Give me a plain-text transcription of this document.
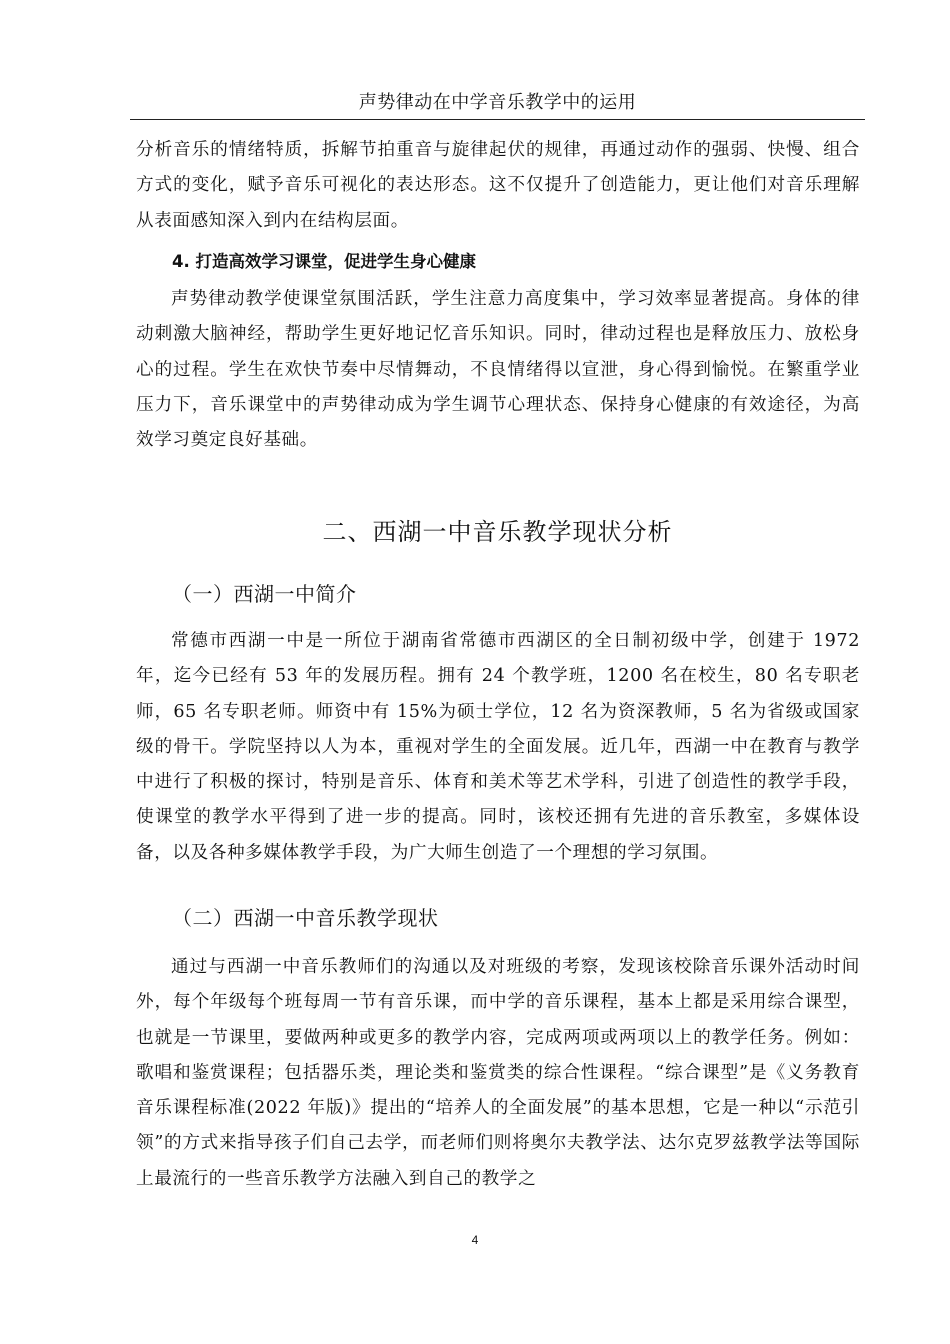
声势律动在中学音乐教学中的运用

分析音乐的情绪特质，拆解节拍重音与旋律起伏的规律，再通过动作的强弱、快慢、组合方式的变化，赋予音乐可视化的表达形态。这不仅提升了创造能力，更让他们对音乐理解从表面感知深入到内在结构层面。

4. 打造高效学习课堂，促进学生身心健康

声势律动教学使课堂氛围活跃，学生注意力高度集中，学习效率显著提高。身体的律动刺激大脑神经，帮助学生更好地记忆音乐知识。同时，律动过程也是释放压力、放松身心的过程。学生在欢快节奏中尽情舞动，不良情绪得以宣泄，身心得到愉悦。在繁重学业压力下，音乐课堂中的声势律动成为学生调节心理状态、保持身心健康的有效途径，为高效学习奠定良好基础。

二、西湖一中音乐教学现状分析
（一）西湖一中简介

常德市西湖一中是一所位于湖南省常德市西湖区的全日制初级中学，创建于 1972 年，迄今已经有 53 年的发展历程。拥有 24 个教学班，1200 名在校生，80 名专职老师，65 名专职老师。师资中有 15%为硕士学位，12 名为资深教师，5 名为省级或国家级的骨干。学院坚持以人为本，重视对学生的全面发展。近几年，西湖一中在教育与教学中进行了积极的探讨，特别是音乐、体育和美术等艺术学科，引进了创造性的教学手段，使课堂的教学水平得到了进一步的提高。同时，该校还拥有先进的音乐教室，多媒体设备，以及各种多媒体教学手段，为广大师生创造了一个理想的学习氛围。

（二）西湖一中音乐教学现状

通过与西湖一中音乐教师们的沟通以及对班级的考察，发现该校除音乐课外活动时间外，每个年级每个班每周一节有音乐课，而中学的音乐课程，基本上都是采用综合课型，也就是一节课里，要做两种或更多的教学内容，完成两项或两项以上的教学任务。例如：歌唱和鉴赏课程；包括器乐类，理论类和鉴赏类的综合性课程。“综合课型”是《义务教育音乐课程标准(2022 年版)》提出的“培养人的全面发展”的基本思想，它是一种以“示范引领”的方式来指导孩子们自己去学，而老师们则将奥尔夫教学法、达尔克罗兹教学法等国际上最流行的一些音乐教学方法融入到自己的教学之

4
